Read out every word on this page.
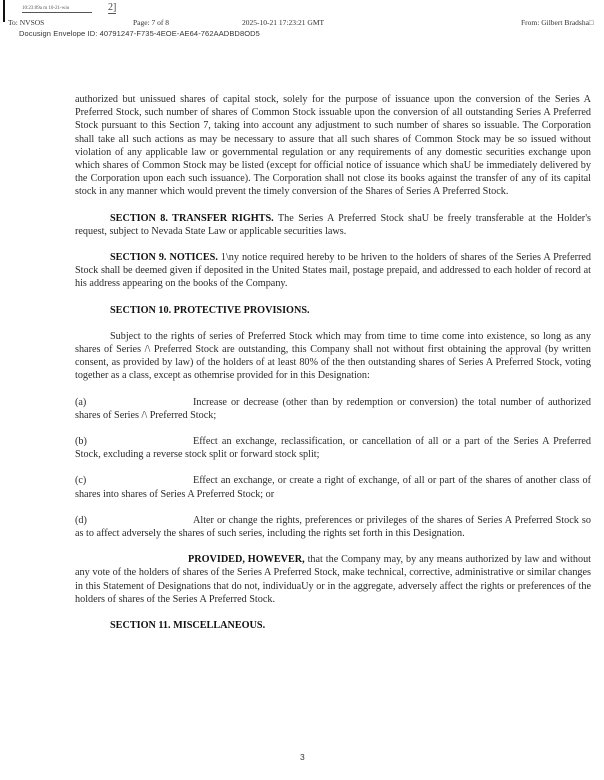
10:23:09a m 10-21-wio	2]
To: NVSOS	Page: 7 of 8	2025-10-21 17:23:21 GMT	From: Gilbert Bradsha□
Docusign Envelope ID: 40791247-F735-4EOE-AE64-762AADBD8OD5

authorized but unissued shares of capital stock, solely for the purpose of issuance upon the conversion of the Series A Preferred Stock, such number of shares of Common Stock issuable upon the conversion of all outstanding Series A Preferred Stock pursuant to this Section 7, taking into account any adjustment to such number of shares so issuable. The Corporation shall take all such actions as may be necessary to assure that all such shares of Common Stock may be so issued without violation of any applicable law or governmental regulation or any requirements of any domestic securities exchange upon which shares of Common Stock may be listed (except for official notice of issuance which shaU be immediately delivered by the Corporation upon each such issuance). The Corporation shall not close its books against the transfer of any of its capital stock in any manner which would prevent the timely conversion of the Shares of Series A Preferred Stock.

SECTION 8. TRANSFER RIGHTS. The Series A Preferred Stock shaU be freely transferable at the Holder's request, subject to Nevada State Law or applicable securities laws.

SECTION 9. NOTICES. 1\ny notice required hereby to be hriven to the holders of shares of the Series A Preferred Stock shall be deemed given if deposited in the United States mail, postage prepaid, and addressed to each holder of record at his address appearing on the books of the Company.

SECTION 10. PROTECTIVE PROVISIONS.

Subject to the rights of series of Preferred Stock which may from time to time come into existence, so long as any shares of Series /\ Preferred Stock are outstanding, this Company shall not without first obtaining the approval (by written consent, as provided by law) of the holders of at least 80% of the then outstanding shares of Series A Preferred Stock, voting together as a class, except as othemrise provided for in this Designation:

(a)	Increase or decrease (other than by redemption or conversion) the total number of authorized shares of Series /\ Preferred Stock;

(b)	Effect an exchange, reclassification, or cancellation of all or a part of the Series A Preferred Stock, excluding a reverse stock split or forward stock split;

(c)	Effect an exchange, or create a right of exchange, of all or part of the shares of another class of shares into shares of Series A Preferred Stock; or

(d)	Alter or change the rights, preferences or privileges of the shares of Series A Preferred Stock so as to affect adversely the shares of such series, including the rights set forth in this Designation.

PROVIDED, HOWEVER, that the Company may, by any means authorized by law and without any vote of the holders of shares of the Series A Preferred Stock, make technical, corrective, administrative or similar changes in this Statement of Designations that do not, individuaUy or in the aggregate, adversely affect the rights or preferences of the holders of shares of the Series A Preferred Stock.

SECTION 11. MISCELLANEOUS.
3
